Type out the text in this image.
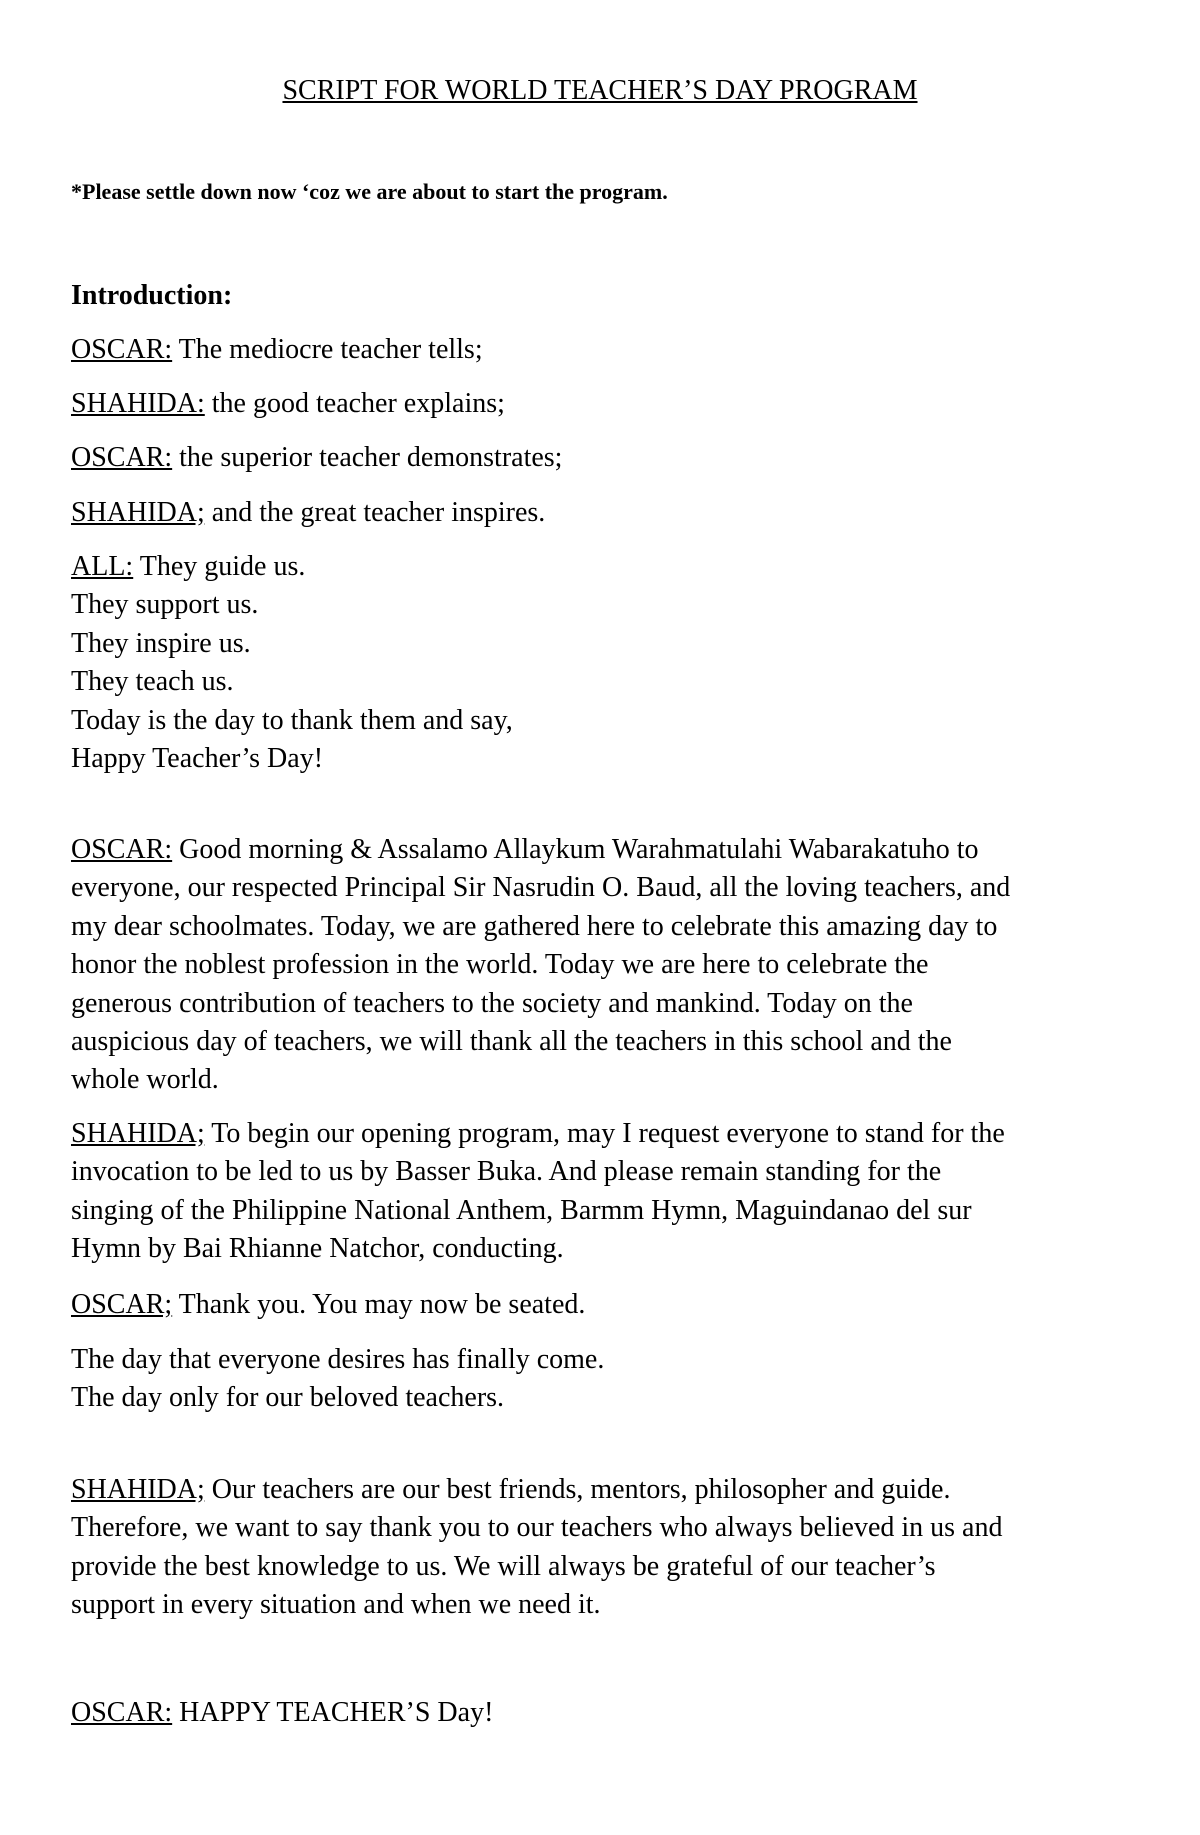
SCRIPT FOR WORLD TEACHER’S DAY PROGRAM
*Please settle down now ‘coz we are about to start the program.
Introduction:
OSCAR: The mediocre teacher tells;
SHAHIDA: the good teacher explains;
OSCAR: the superior teacher demonstrates;
SHAHIDA; and the great teacher inspires.
ALL: They guide us.
They support us.
They inspire us.
They teach us.
Today is the day to thank them and say,
Happy Teacher’s Day!
OSCAR: Good morning & Assalamo Allaykum Warahmatulahi Wabarakatuho to
everyone, our respected Principal Sir Nasrudin O. Baud, all the loving teachers, and
my dear schoolmates. Today, we are gathered here to celebrate this amazing day to
honor the noblest profession in the world. Today we are here to celebrate the
generous contribution of teachers to the society and mankind. Today on the
auspicious day of teachers, we will thank all the teachers in this school and the
whole world.
SHAHIDA; To begin our opening program, may I request everyone to stand for the
invocation to be led to us by Basser Buka. And please remain standing for the
singing of the Philippine National Anthem, Barmm Hymn, Maguindanao del sur
Hymn by Bai Rhianne Natchor, conducting.
OSCAR; Thank you. You may now be seated.
The day that everyone desires has finally come.
The day only for our beloved teachers.
SHAHIDA; Our teachers are our best friends, mentors, philosopher and guide.
Therefore, we want to say thank you to our teachers who always believed in us and
provide the best knowledge to us. We will always be grateful of our teacher’s
support in every situation and when we need it.
OSCAR: HAPPY TEACHER’S Day!
